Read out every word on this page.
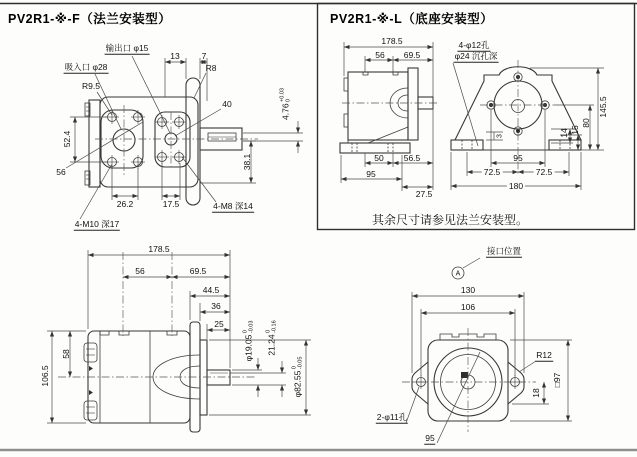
PV2R1-※-F（法兰安装型）
输出口 φ15
吸入口 φ28
R9.5
13	7
R8
40	4.76
+0.03 0
38.1
52.4
56
26.2	17.5	4-M8 深14
4-M10 深17
PV2R1-※-L（底座安装型）
178.5
56 69.5
4-φ12孔
φ24 沉孔深
50 56.5
95
27.5
95
72.5	72.5
180
3	14 15
80
145.5
其余尺寸请参见法兰安装型。
178.5
56	69.5
44.5
36
25
φ19.05
0 -0.03
21.24
0 -0.16
φ82.55
0 -0.05
106.5
58
接口位置
A
130
106
R12
□97
18
2-φ11孔
95
